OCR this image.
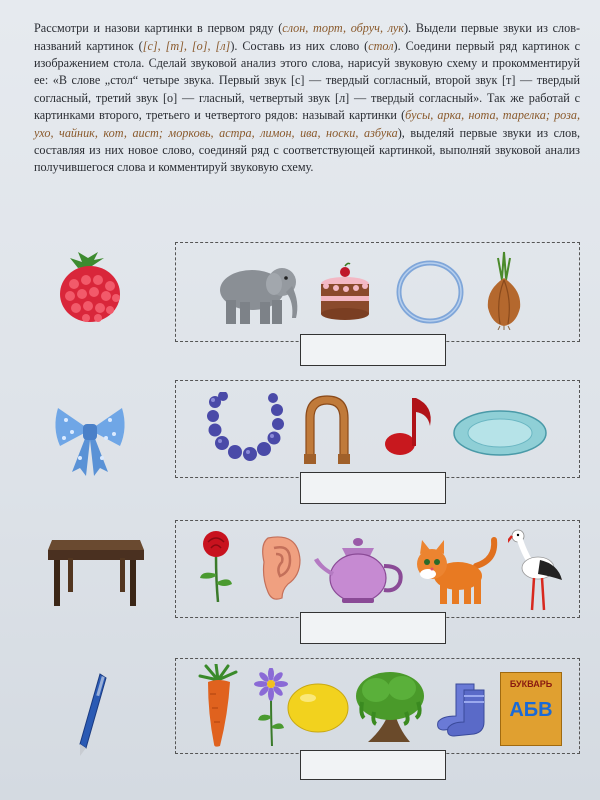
Рассмотри и назови картинки в первом ряду (слон, торт, обруч, лук). Выдели первые звуки из слов-названий картинок ([с], [т], [о], [л]). Составь из них слово (стол). Соедини первый ряд картинок с изображением стола. Сделай звуковой анализ этого слова, нарисуй звуковую схему и прокомментируй ее: «В слове „стол“ четыре звука. Первый звук [с] — твердый согласный, второй звук [т] — твердый согласный, третий звук [о] — гласный, четвертый звук [л] — твердый согласный». Так же работай с картинками второго, третьего и четвертого рядов: называй картинки (бусы, арка, нота, тарелка; роза, ухо, чайник, кот, аист; морковь, астра, лимон, ива, носки, азбука), выделяй первые звуки из слов, составляя из них новое слово, соединяй ряд с соответствующей картинкой, выполняй звуковой анализ получившегося слова и комментируй звуковую схему.

БУКВАРЬ
АБВ
